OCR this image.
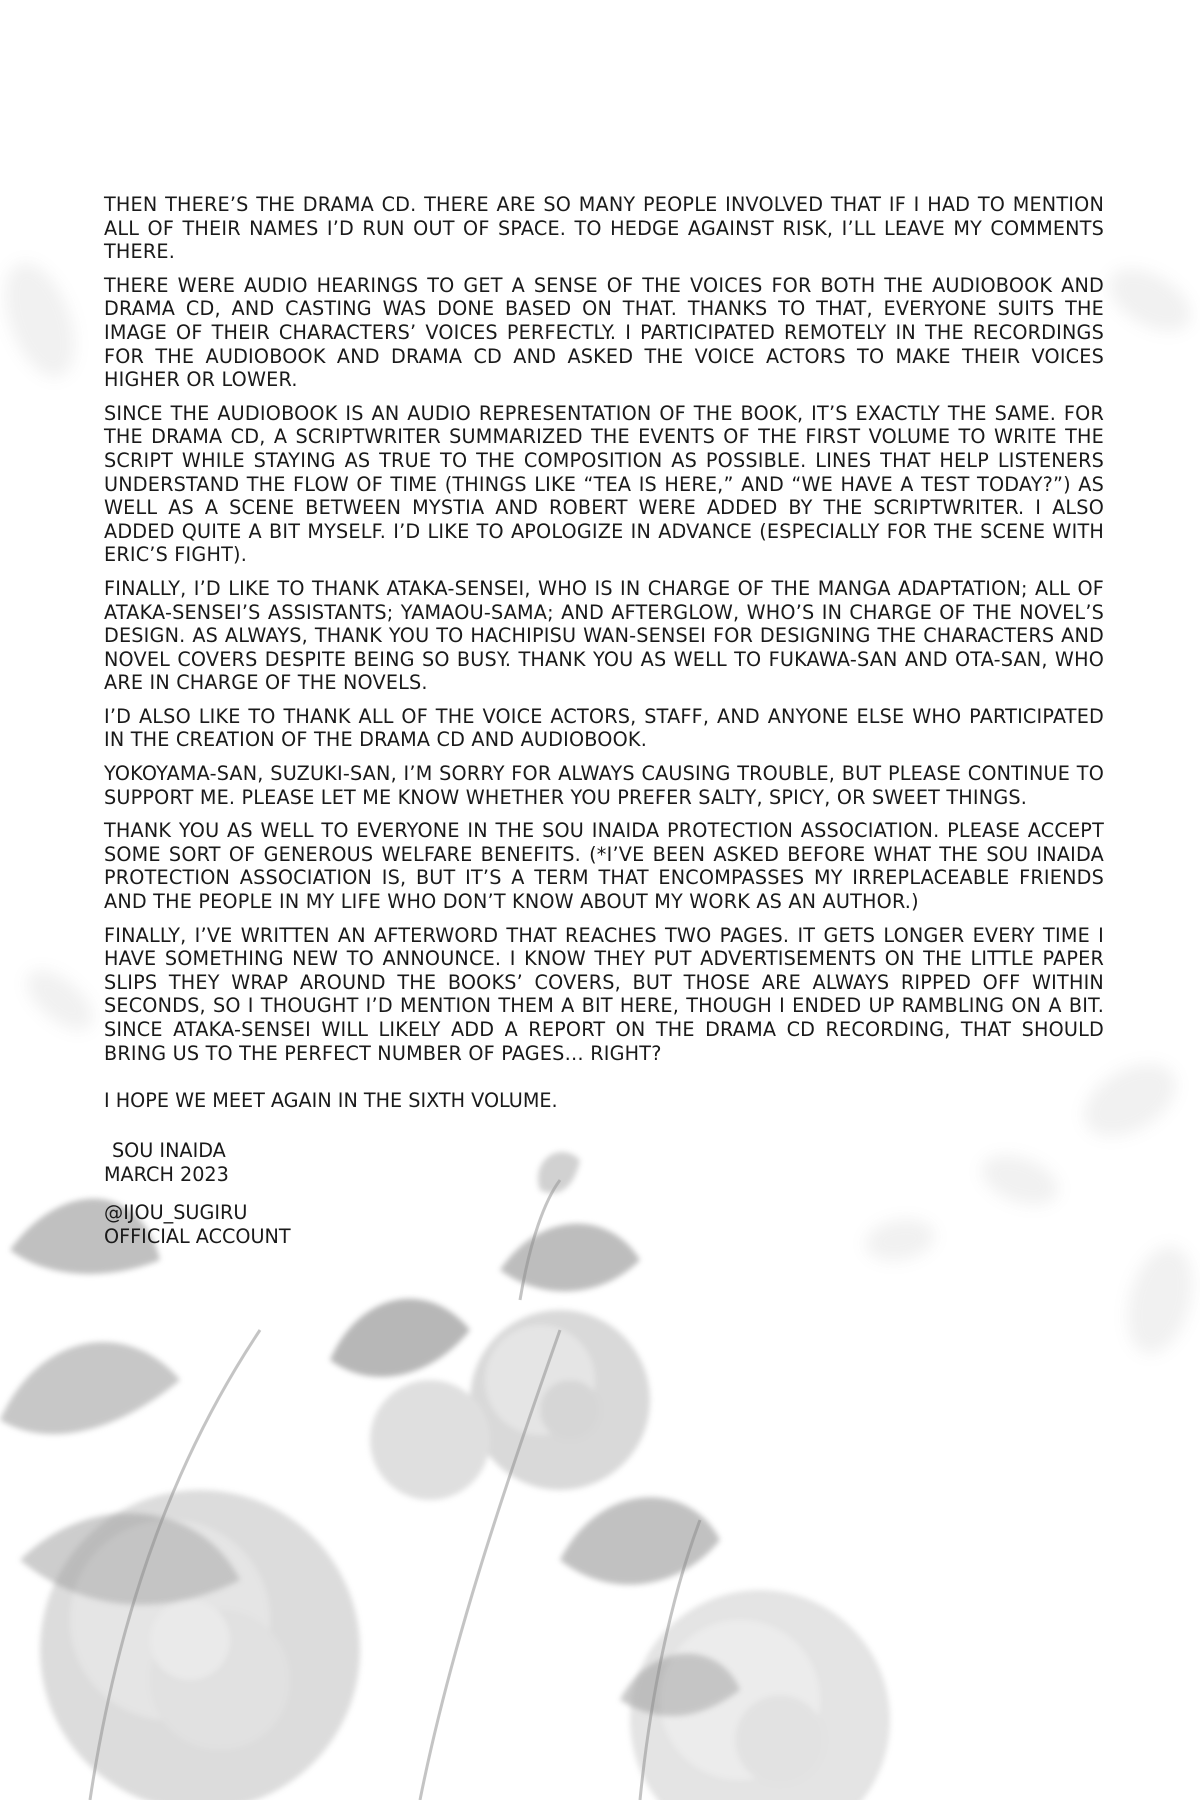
THEN THERE’S THE DRAMA CD. THERE ARE SO MANY PEOPLE INVOLVED THAT IF I HAD TO MENTION ALL OF THEIR NAMES I’D RUN OUT OF SPACE. TO HEDGE AGAINST RISK, I’LL LEAVE MY COMMENTS THERE.

THERE WERE AUDIO HEARINGS TO GET A SENSE OF THE VOICES FOR BOTH THE AUDIOBOOK AND DRAMA CD, AND CASTING WAS DONE BASED ON THAT. THANKS TO THAT, EVERYONE SUITS THE IMAGE OF THEIR CHARACTERS’ VOICES PERFECTLY. I PARTICIPATED REMOTELY IN THE RECORDINGS FOR THE AUDIOBOOK AND DRAMA CD AND ASKED THE VOICE ACTORS TO MAKE THEIR VOICES HIGHER OR LOWER.

SINCE THE AUDIOBOOK IS AN AUDIO REPRESENTATION OF THE BOOK, IT’S EXACTLY THE SAME. FOR THE DRAMA CD, A SCRIPTWRITER SUMMARIZED THE EVENTS OF THE FIRST VOLUME TO WRITE THE SCRIPT WHILE STAYING AS TRUE TO THE COMPOSITION AS POSSIBLE. LINES THAT HELP LISTENERS UNDERSTAND THE FLOW OF TIME (THINGS LIKE “TEA IS HERE,” AND “WE HAVE A TEST TODAY?”) AS WELL AS A SCENE BETWEEN MYSTIA AND ROBERT WERE ADDED BY THE SCRIPTWRITER. I ALSO ADDED QUITE A BIT MYSELF. I’D LIKE TO APOLOGIZE IN ADVANCE (ESPECIALLY FOR THE SCENE WITH ERIC’S FIGHT).

FINALLY, I’D LIKE TO THANK ATAKA-SENSEI, WHO IS IN CHARGE OF THE MANGA ADAPTATION; ALL OF ATAKA-SENSEI’S ASSISTANTS; YAMAOU-SAMA; AND AFTERGLOW, WHO’S IN CHARGE OF THE NOVEL’S DESIGN. AS ALWAYS, THANK YOU TO HACHIPISU WAN-SENSEI FOR DESIGNING THE CHARACTERS AND NOVEL COVERS DESPITE BEING SO BUSY. THANK YOU AS WELL TO FUKAWA-SAN AND OTA-SAN, WHO ARE IN CHARGE OF THE NOVELS.

I’D ALSO LIKE TO THANK ALL OF THE VOICE ACTORS, STAFF, AND ANYONE ELSE WHO PARTICIPATED IN THE CREATION OF THE DRAMA CD AND AUDIOBOOK.

YOKOYAMA-SAN, SUZUKI-SAN, I’M SORRY FOR ALWAYS CAUSING TROUBLE, BUT PLEASE CONTINUE TO SUPPORT ME. PLEASE LET ME KNOW WHETHER YOU PREFER SALTY, SPICY, OR SWEET THINGS.

THANK YOU AS WELL TO EVERYONE IN THE SOU INAIDA PROTECTION ASSOCIATION. PLEASE ACCEPT SOME SORT OF GENEROUS WELFARE BENEFITS. (*I’VE BEEN ASKED BEFORE WHAT THE SOU INAIDA PROTECTION ASSOCIATION IS, BUT IT’S A TERM THAT ENCOMPASSES MY IRREPLACEABLE FRIENDS AND THE PEOPLE IN MY LIFE WHO DON’T KNOW ABOUT MY WORK AS AN AUTHOR.)

FINALLY, I’VE WRITTEN AN AFTERWORD THAT REACHES TWO PAGES. IT GETS LONGER EVERY TIME I HAVE SOMETHING NEW TO ANNOUNCE. I KNOW THEY PUT ADVERTISEMENTS ON THE LITTLE PAPER SLIPS THEY WRAP AROUND THE BOOKS’ COVERS, BUT THOSE ARE ALWAYS RIPPED OFF WITHIN SECONDS, SO I THOUGHT I’D MENTION THEM A BIT HERE, THOUGH I ENDED UP RAMBLING ON A BIT. SINCE ATAKA-SENSEI WILL LIKELY ADD A REPORT ON THE DRAMA CD RECORDING, THAT SHOULD BRING US TO THE PERFECT NUMBER OF PAGES… RIGHT?

I HOPE WE MEET AGAIN IN THE SIXTH VOLUME.

SOU INAIDA
MARCH 2023
@IJOU_SUGIRU
OFFICIAL ACCOUNT
